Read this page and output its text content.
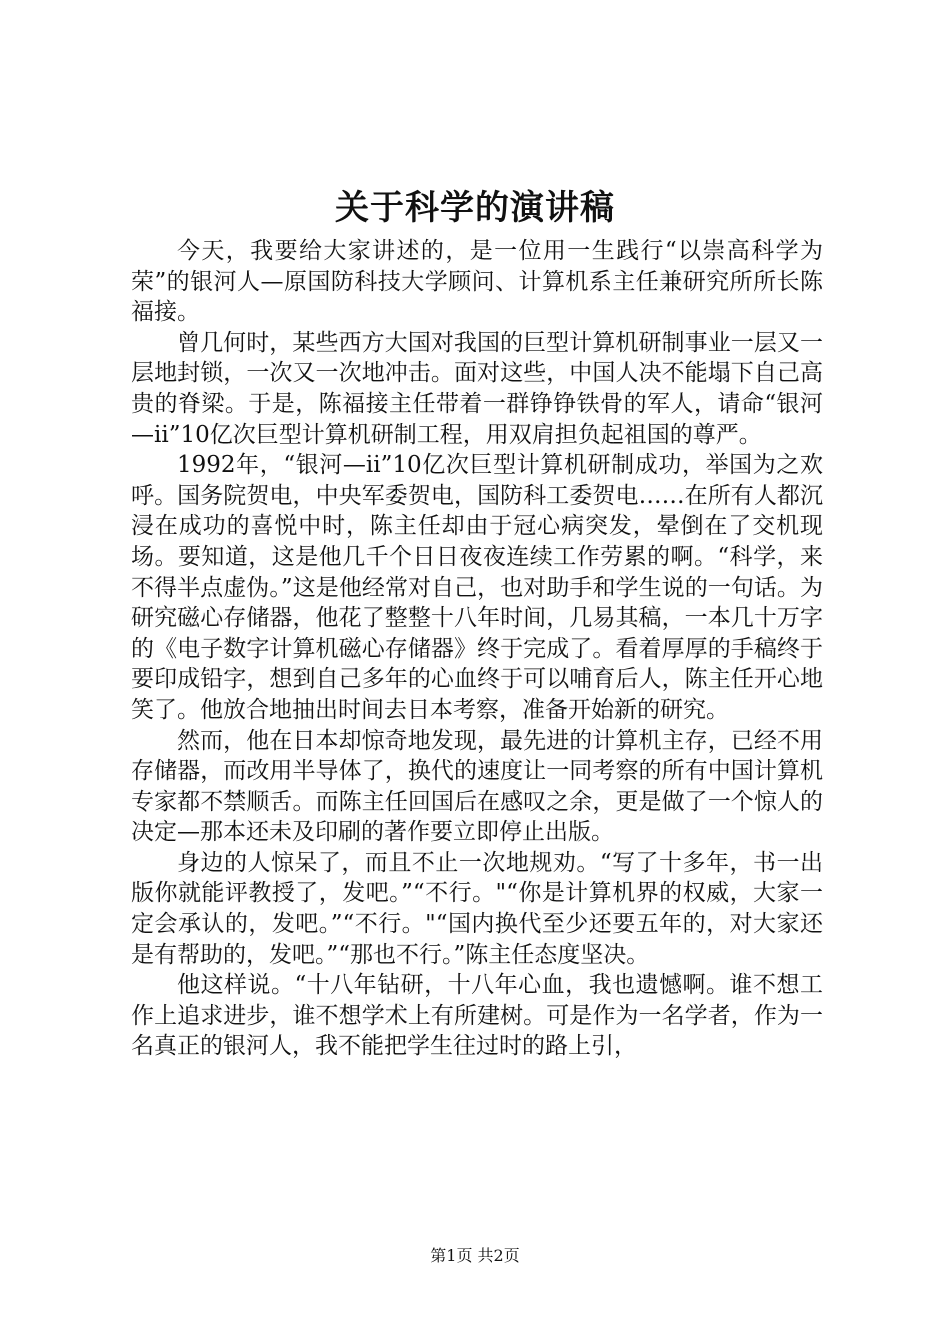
关于科学的演讲稿

今天，我要给大家讲述的，是一位用一生践行“以崇高科学为荣”的银河人—原国防科技大学顾问、计算机系主任兼研究所所长陈福接。

曾几何时，某些西方大国对我国的巨型计算机研制事业一层又一层地封锁，一次又一次地冲击。面对这些，中国人决不能塌下自己高贵的脊梁。于是，陈福接主任带着一群铮铮铁骨的军人，请命“银河—ii”10亿次巨型计算机研制工程，用双肩担负起祖国的尊严。

1992年，“银河—ii”10亿次巨型计算机研制成功，举国为之欢呼。国务院贺电，中央军委贺电，国防科工委贺电……在所有人都沉浸在成功的喜悦中时，陈主任却由于冠心病突发，晕倒在了交机现场。要知道，这是他几千个日日夜夜连续工作劳累的啊。“科学，来不得半点虚伪。”这是他经常对自己，也对助手和学生说的一句话。为研究磁心存储器，他花了整整十八年时间，几易其稿，一本几十万字的《电子数字计算机磁心存储器》终于完成了。看着厚厚的手稿终于要印成铅字，想到自己多年的心血终于可以哺育后人，陈主任开心地笑了。他放合地抽出时间去日本考察，准备开始新的研究。

然而，他在日本却惊奇地发现，最先进的计算机主存，已经不用存储器，而改用半导体了，换代的速度让一同考察的所有中国计算机专家都不禁顺舌。而陈主任回国后在感叹之余，更是做了一个惊人的决定—那本还未及印刷的著作要立即停止出版。

身边的人惊呆了，而且不止一次地规劝。“写了十多年，书一出版你就能评教授了，发吧。”“不行。"“你是计算机界的权威，大家一定会承认的，发吧。”“不行。"“国内换代至少还要五年的，对大家还是有帮助的，发吧。”“那也不行。”陈主任态度坚决。

他这样说。“十八年钻研，十八年心血，我也遗憾啊。谁不想工作上追求进步，谁不想学术上有所建树。可是作为一名学者，作为一名真正的银河人，我不能把学生往过时的路上引，

第1页 共2页
